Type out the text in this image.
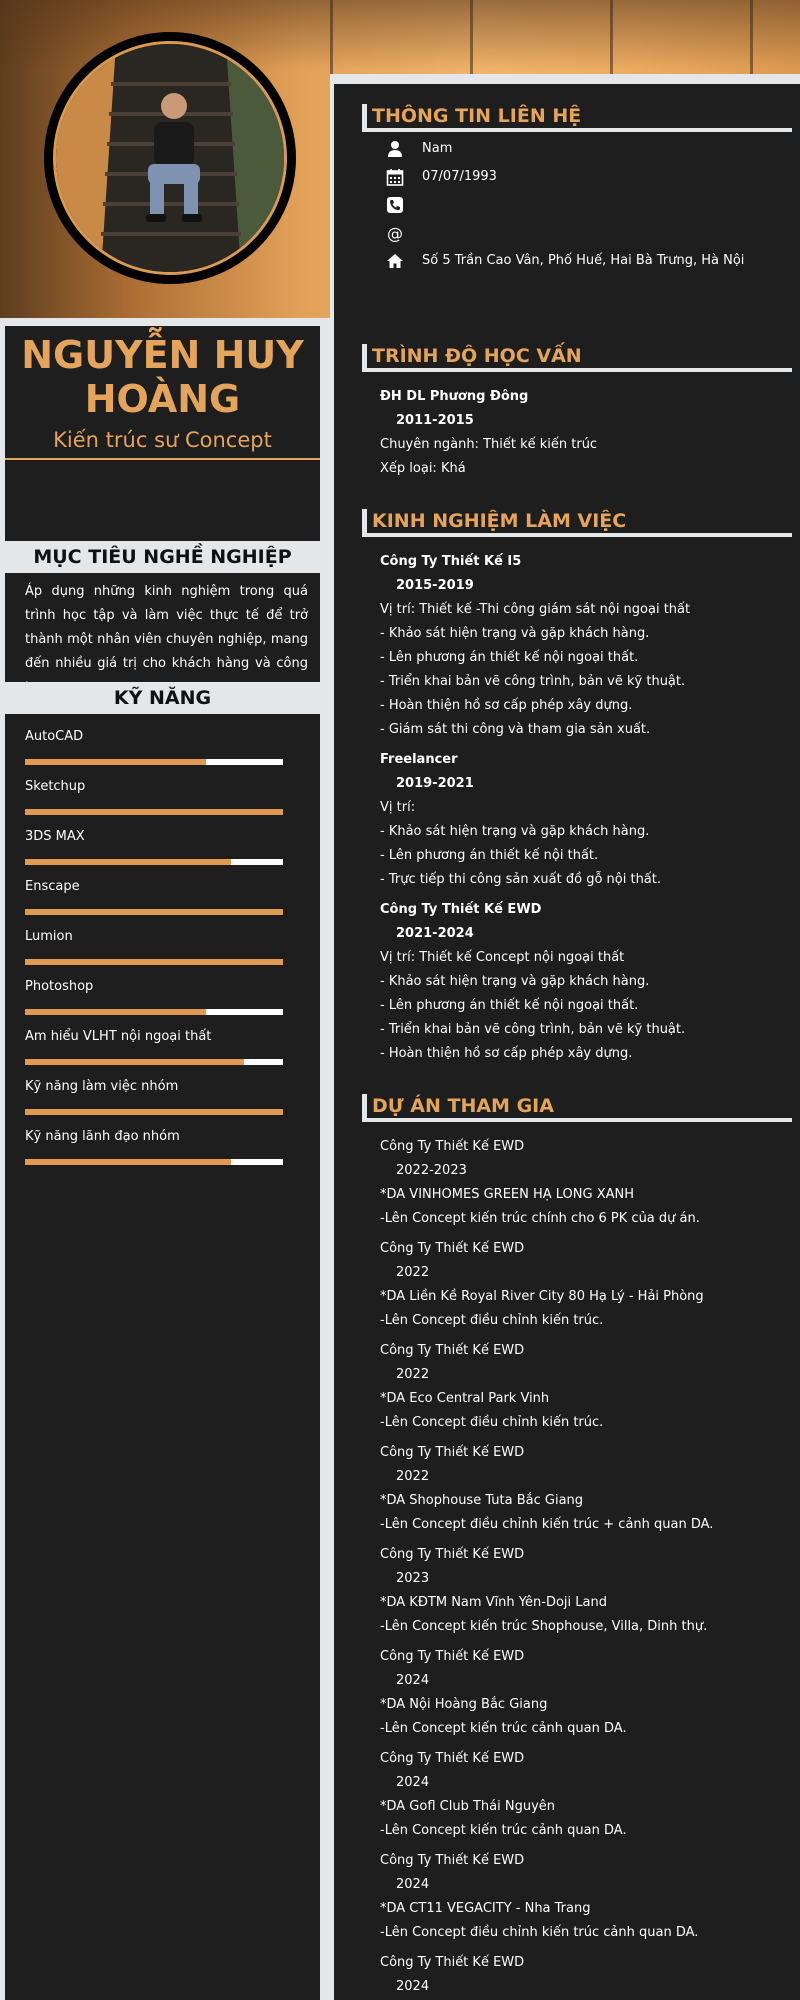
NGUYỄN HUY HOÀNG
Kiến trúc sư Concept
MỤC TIÊU NGHỀ NGHIỆP
Áp dụng những kinh nghiệm trong quá trình học tập và làm việc thực tế để trở thành một nhân viên chuyên nghiệp, mang đến nhiều giá trị cho khách hàng và công
KỸ NĂNG
AutoCAD
Sketchup
3DS MAX
Enscape
Lumion
Photoshop
Am hiểu VLHT nội ngoại thất
Kỹ năng làm việc nhóm
Kỹ năng lãnh đạo nhóm
THÔNG TIN LIÊN HỆ
Nam
07/07/1993
@
Số 5 Trần Cao Vân, Phố Huế, Hai Bà Trưng, Hà Nội
TRÌNH ĐỘ HỌC VẤN
ĐH DL Phương Đông
2011-2015
Chuyên ngành: Thiết kế kiến trúc
Xếp loại: Khá
KINH NGHIỆM LÀM VIỆC
Công Ty Thiết Kế I5
2015-2019
Vị trí: Thiết kế -Thi công giám sát nội ngoại thất
- Khảo sát hiện trạng và gặp khách hàng.
- Lên phương án thiết kế nội ngoại thất.
- Triển khai bản vẽ công trình, bản vẽ kỹ thuật.
- Hoàn thiện hồ sơ cấp phép xây dựng.
- Giám sát thi công và tham gia sản xuất.
Freelancer
2019-2021
Vị trí:
- Khảo sát hiện trạng và gặp khách hàng.
- Lên phương án thiết kế nội thất.
- Trực tiếp thi công sản xuất đồ gỗ nội thất.
Công Ty Thiết Kế EWD
2021-2024
Vị trí: Thiết kế Concept nội ngoại thất
- Khảo sát hiện trạng và gặp khách hàng.
- Lên phương án thiết kế nội ngoại thất.
- Triển khai bản vẽ công trình, bản vẽ kỹ thuật.
- Hoàn thiện hồ sơ cấp phép xây dựng.
DỰ ÁN THAM GIA
Công Ty Thiết Kế EWD
2022-2023
*DA VINHOMES GREEN HẠ LONG XANH
-Lên Concept kiến trúc chính cho 6 PK của dự án.
Công Ty Thiết Kế EWD
2022
*DA Liền Kề Royal River City 80 Hạ Lý - Hải Phòng
-Lên Concept điều chỉnh kiến trúc.
Công Ty Thiết Kế EWD
2022
*DA Eco Central Park Vinh
-Lên Concept điều chỉnh kiến trúc.
Công Ty Thiết Kế EWD
2022
*DA Shophouse Tuta Bắc Giang
-Lên Concept điều chỉnh kiến trúc + cảnh quan DA.
Công Ty Thiết Kế EWD
2023
*DA KĐTM Nam Vĩnh Yên-Doji Land
-Lên Concept kiến trúc Shophouse, Villa, Dinh thự.
Công Ty Thiết Kế EWD
2024
*DA Nội Hoàng Bắc Giang
-Lên Concept kiến trúc cảnh quan DA.
Công Ty Thiết Kế EWD
2024
*DA Gofl Club Thái Nguyên
-Lên Concept kiến trúc cảnh quan DA.
Công Ty Thiết Kế EWD
2024
*DA CT11 VEGACITY - Nha Trang
-Lên Concept điều chỉnh kiến trúc cảnh quan DA.
Công Ty Thiết Kế EWD
2024
